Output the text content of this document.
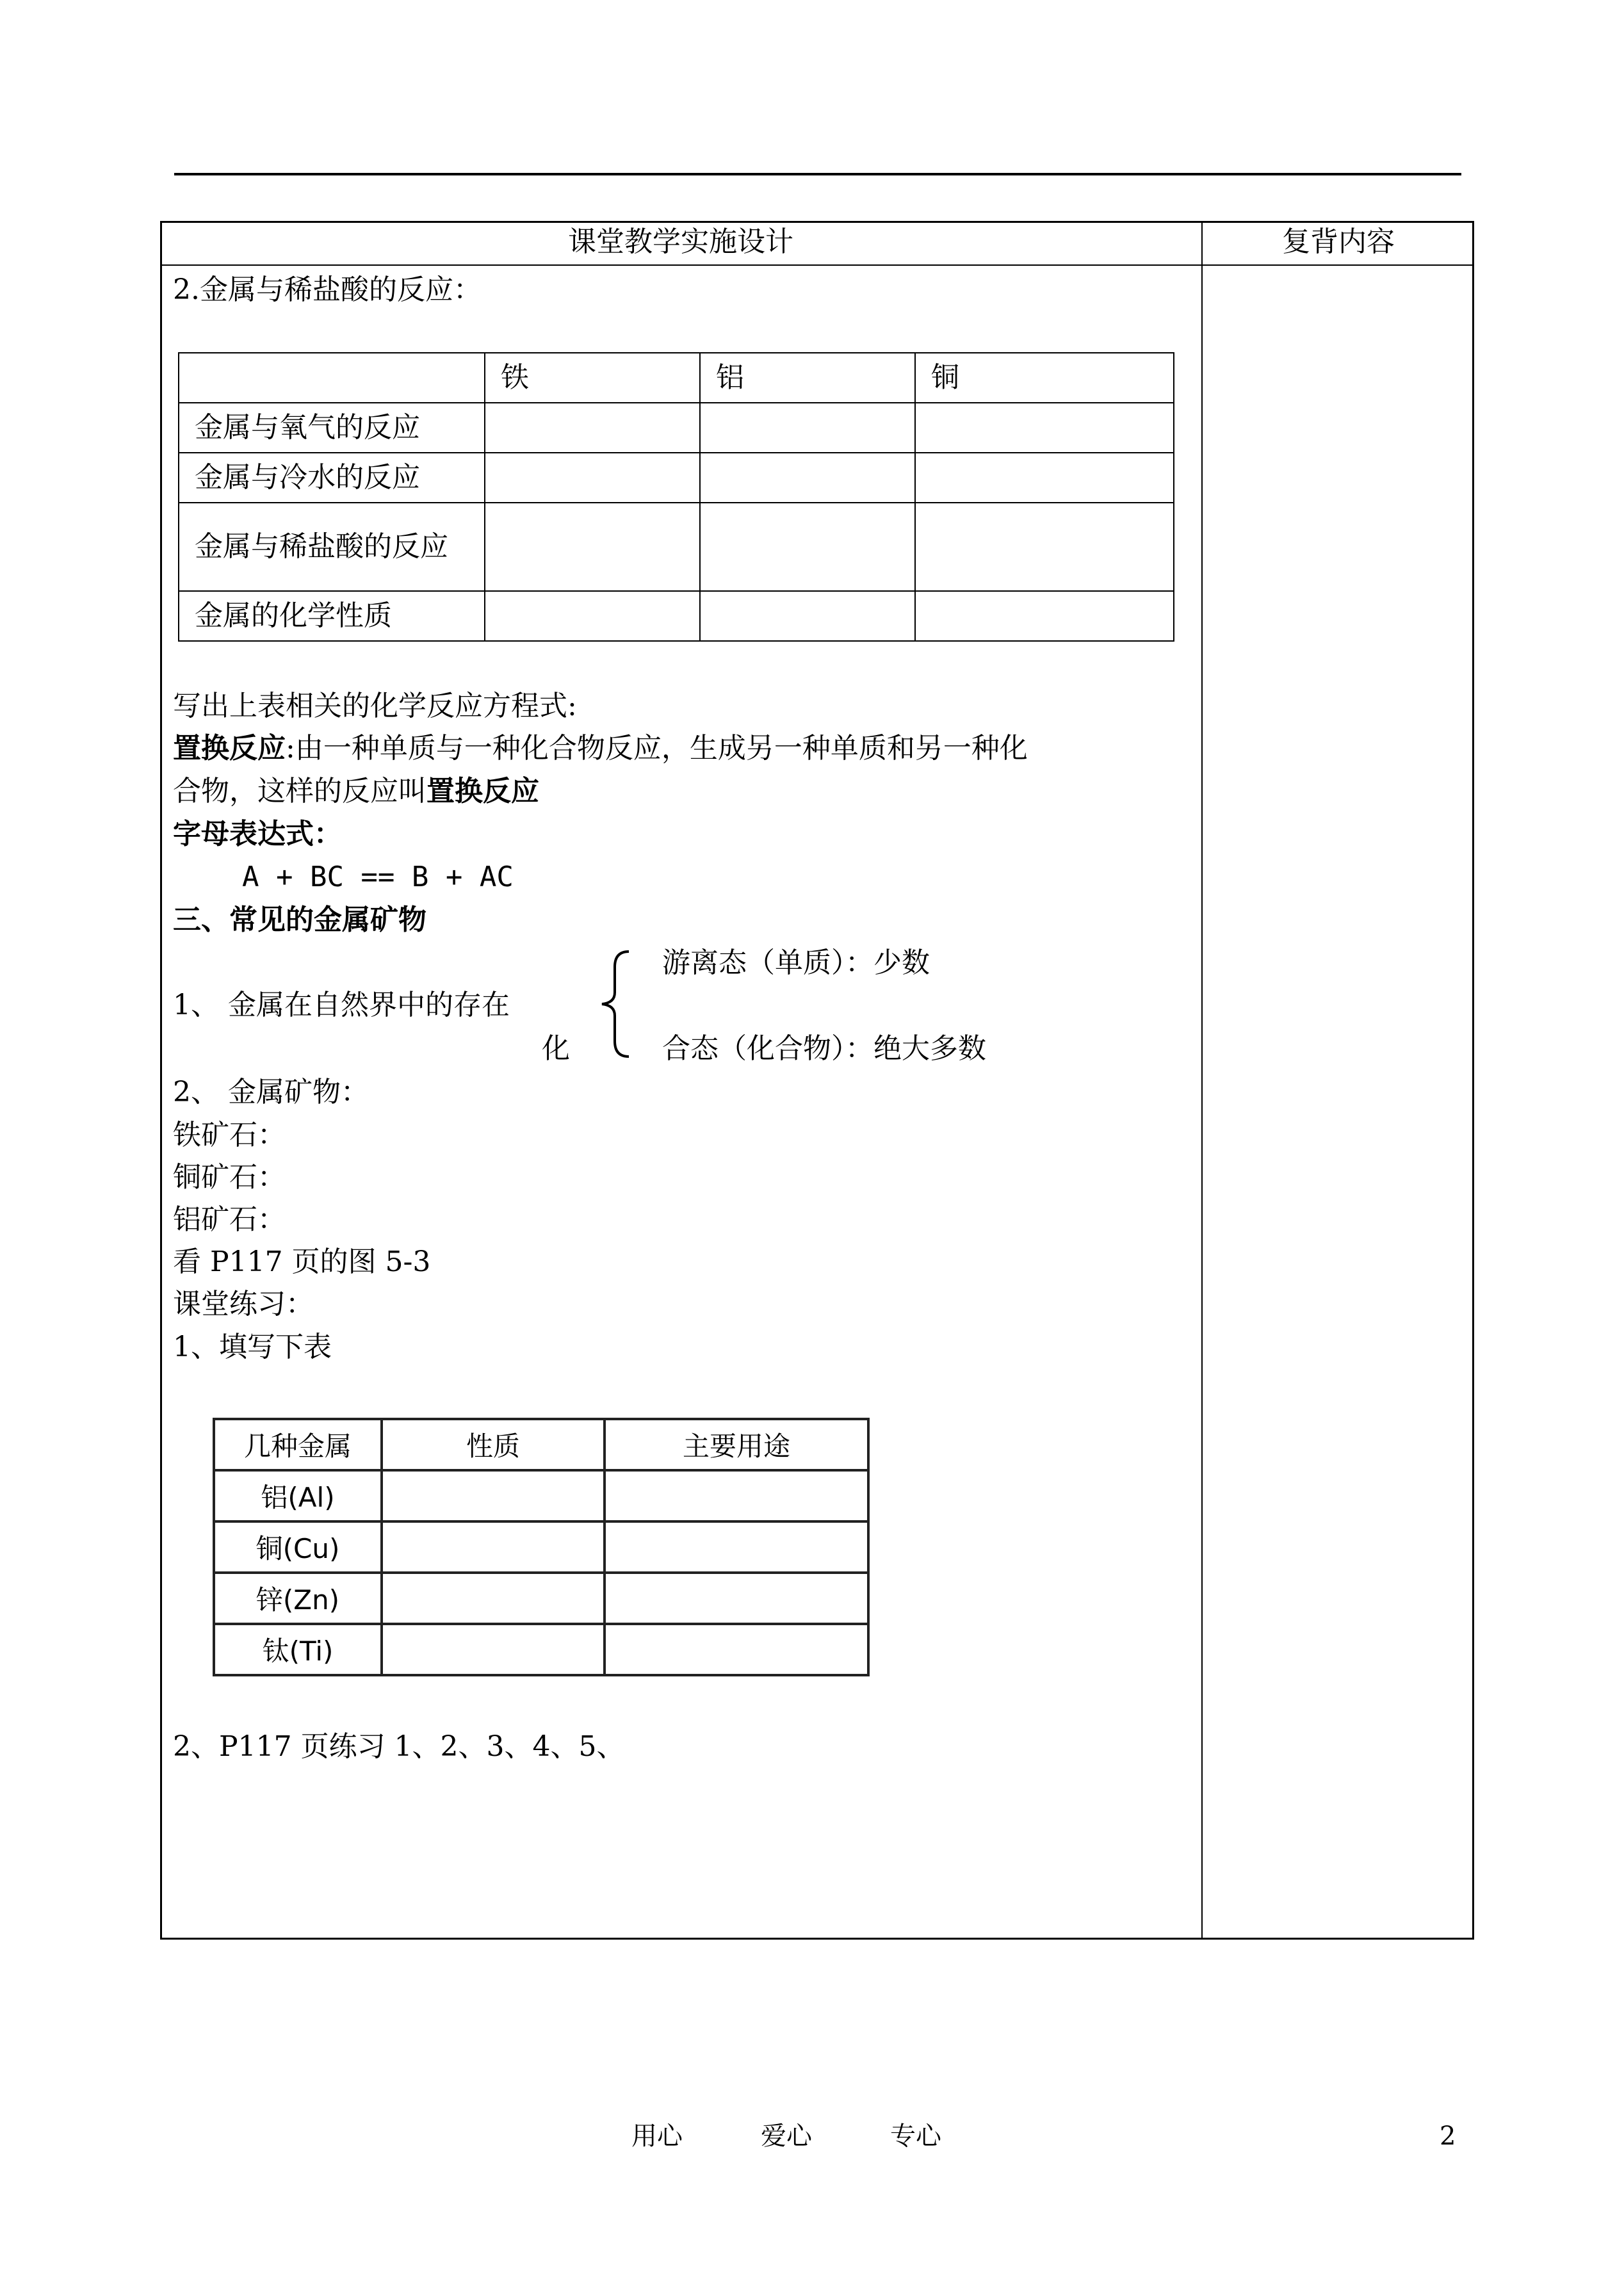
课堂教学实施设计	复背内容
2.金属与稀盐酸的反应：
	铁	铝	铜
金属与氧气的反应			
金属与冷水的反应			
金属与稀盐酸的反应			
金属的化学性质			
写出上表相关的化学反应方程式:
置换反应:由一种单质与一种化合物反应，生成另一种单质和另一种化
合物，这样的反应叫置换反应
字母表达式：
A + BC == B + AC
三、常见的金属矿物
游离态（单质）：少数
1、 金属在自然界中的存在
化	合态（化合物）：绝大多数
2、 金属矿物：
铁矿石：
铜矿石：
铝矿石：
看 P117 页的图 5-3
课堂练习：
1、填写下表
几种金属	性质	主要用途
铝(Al)		
铜(Cu)		
锌(Zn)		
钛(Ti)		
2、P117 页练习 1、2、3、4、5、
用心	爱心	专心	2
